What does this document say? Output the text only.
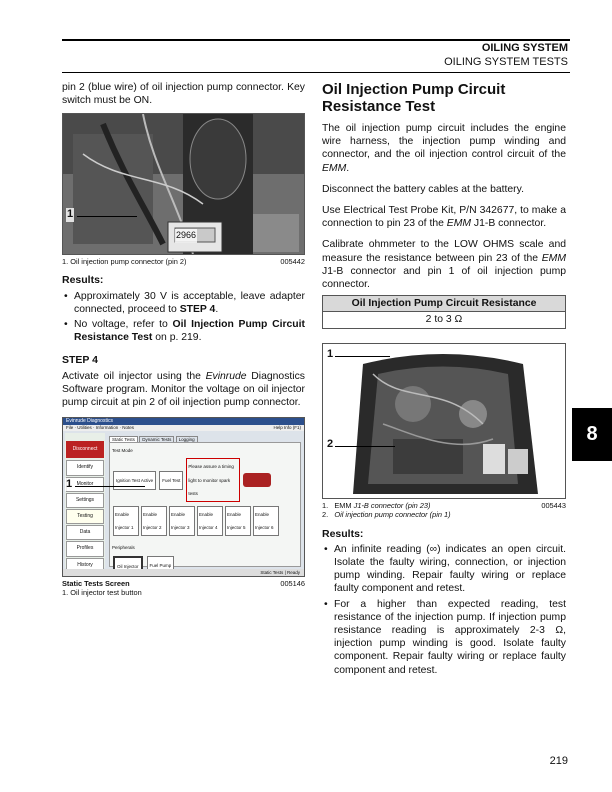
OILING SYSTEM
OILING SYSTEM TESTS

pin 2 (blue wire) of oil injection pump connector. Key switch must be ON.

2966
1
1. Oil injection pump connector (pin 2)	005442
Results:
• Approximately 30 V is acceptable, leave adapter connected, proceed to STEP 4.
• No voltage, refer to Oil Injection Pump Circuit Resistance Test on p. 219.
STEP 4

Activate oil injector using the Evinrude Diagnostics Software program. Monitor the voltage on oil injector pump circuit at pin 2 of oil injection pump connector.

Evinrude Diagnostics
File · Utilities · Information · Notes	Help Info (F1)
Disconnect
Identify
Monitor
Settings
Testing
Data
Profiles
History
Static Tests Dynamic Tests Logging
Test Mode
Ignition Test Active	Fuel Test
Please assure a timing light to monitor spark tests
Enable Injector 1
Enable Injector 2
Enable Injector 3
Enable Injector 4
Enable Injector 5
Enable Injector 6
Peripherals
Oil Injector	Fuel Pump
Static Tests | Ready
1
Static Tests Screen	005146
1. Oil injector test button
Oil Injection Pump Circuit Resistance Test

The oil injection pump circuit includes the engine wire harness, the injection pump winding and connector, and the oil injection control circuit of the EMM.

Disconnect the battery cables at the battery.

Use Electrical Test Probe Kit, P/N 342677, to make a connection to pin 23 of the EMM J1-B connector.

Calibrate ohmmeter to the LOW OHMS scale and measure the resistance between pin 23 of the EMM J1-B connector and pin 1 of oil injection pump connector.

Oil Injection Pump Circuit Resistance
2 to 3 Ω
1
2
005443
1. EMM J1-B connector (pin 23)
2. Oil injection pump connector (pin 1)
Results:
• An infinite reading (∞) indicates an open circuit. Isolate the faulty wiring, connection, or injection pump winding. Repair faulty wiring or replace faulty component and retest.
• For a higher than expected reading, test resistance of the injection pump. If injection pump resistance reading is approximately 2-3 Ω, injection pump winding is good. Isolate faulty component. Repair faulty wiring or replace faulty component and retest.
8
219
